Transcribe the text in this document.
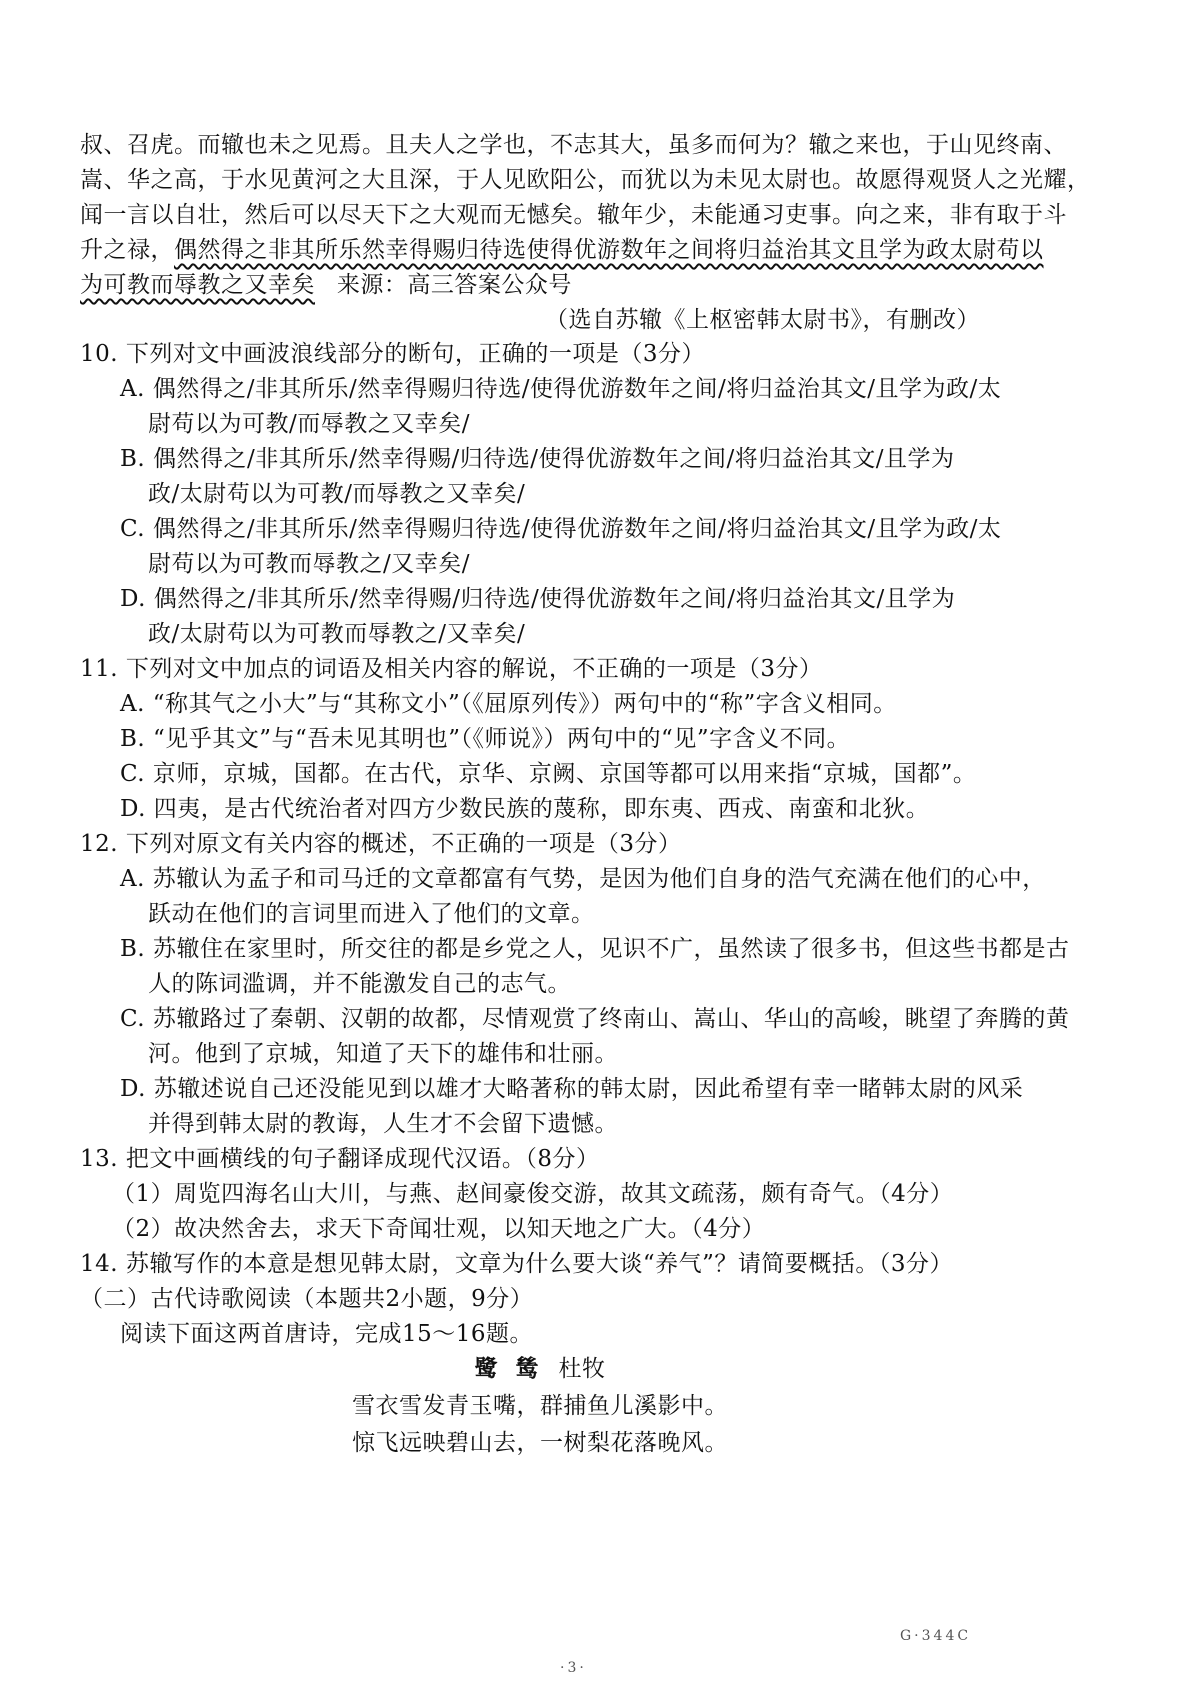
叔、召虎。而辙也未之见焉。且夫人之学也，不志其大，虽多而何为？辙之来也，于山见终南、
嵩、华之高，于水见黄河之大且深，于人见欧阳公，而犹以为未见太尉也。故愿得观贤人之光耀，
闻一言以自壮，然后可以尽天下之大观而无憾矣。辙年少，未能通习吏事。向之来，非有取于斗
升之禄，偶然得之非其所乐然幸得赐归待选使得优游数年之间将归益治其文且学为政太尉苟以
为可教而辱教之又幸矣 来源：高三答案公众号
（选自苏辙《上枢密韩太尉书》，有删改）
10. 下列对文中画波浪线部分的断句，正确的一项是（3分）
A. 偶然得之/非其所乐/然幸得赐归待选/使得优游数年之间/将归益治其文/且学为政/太
尉苟以为可教/而辱教之又幸矣/
B. 偶然得之/非其所乐/然幸得赐/归待选/使得优游数年之间/将归益治其文/且学为
政/太尉苟以为可教/而辱教之又幸矣/
C. 偶然得之/非其所乐/然幸得赐归待选/使得优游数年之间/将归益治其文/且学为政/太
尉苟以为可教而辱教之/又幸矣/
D. 偶然得之/非其所乐/然幸得赐/归待选/使得优游数年之间/将归益治其文/且学为
政/太尉苟以为可教而辱教之/又幸矣/
11. 下列对文中加点的词语及相关内容的解说，不正确的一项是（3分）
A. “称其气之小大”与“其称文小”（《屈原列传》）两句中的“称”字含义相同。
B. “见乎其文”与“吾未见其明也”（《师说》）两句中的“见”字含义不同。
C. 京师，京城，国都。在古代，京华、京阙、京国等都可以用来指“京城，国都”。
D. 四夷，是古代统治者对四方少数民族的蔑称，即东夷、西戎、南蛮和北狄。
12. 下列对原文有关内容的概述，不正确的一项是（3分）
A. 苏辙认为孟子和司马迁的文章都富有气势，是因为他们自身的浩气充满在他们的心中，
跃动在他们的言词里而进入了他们的文章。
B. 苏辙住在家里时，所交往的都是乡党之人，见识不广，虽然读了很多书，但这些书都是古
人的陈词滥调，并不能激发自己的志气。
C. 苏辙路过了秦朝、汉朝的故都，尽情观赏了终南山、嵩山、华山的高峻，眺望了奔腾的黄
河。他到了京城，知道了天下的雄伟和壮丽。
D. 苏辙述说自己还没能见到以雄才大略著称的韩太尉，因此希望有幸一睹韩太尉的风采
并得到韩太尉的教诲，人生才不会留下遗憾。
13. 把文中画横线的句子翻译成现代汉语。（8分）
（1）周览四海名山大川，与燕、赵间豪俊交游，故其文疏荡，颇有奇气。（4分）
（2）故决然舍去，求天下奇闻壮观，以知天地之广大。（4分）
14. 苏辙写作的本意是想见韩太尉，文章为什么要大谈“养气”？请简要概括。（3分）
（二）古代诗歌阅读（本题共2小题，9分）
阅读下面这两首唐诗，完成15～16题。
鹭鸶杜牧
雪衣雪发青玉嘴，群捕鱼儿溪影中。
惊飞远映碧山去，一树梨花落晚风。
G·344C
·3·
